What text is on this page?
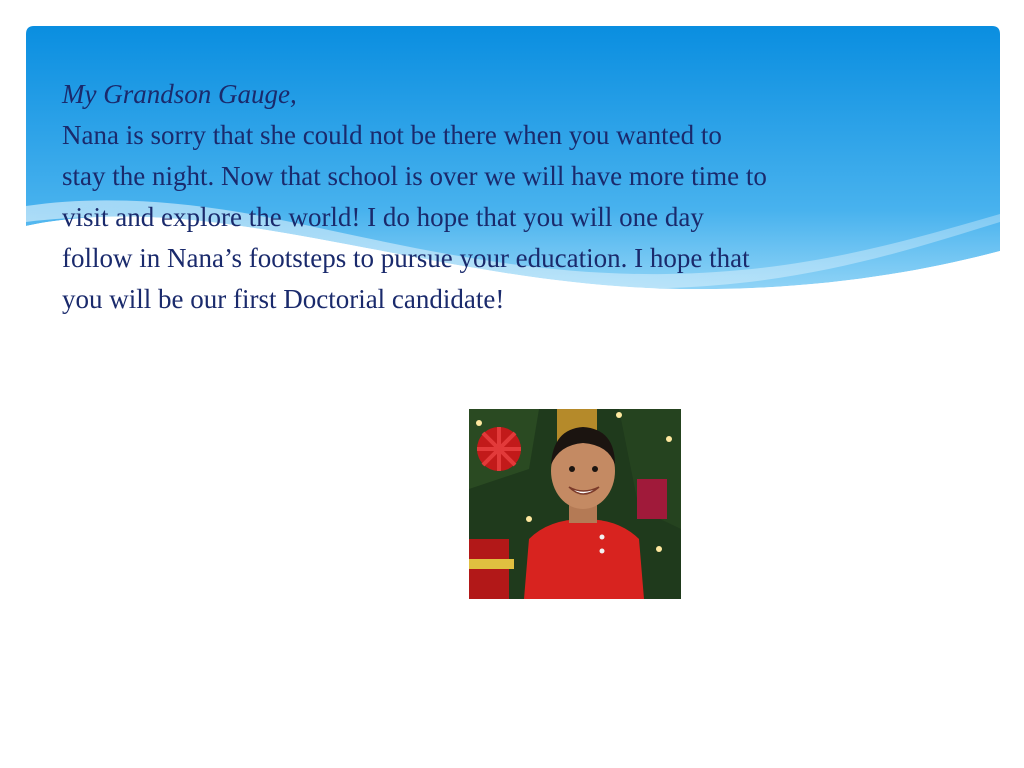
My Grandson Gauge,
Nana is sorry that she could not be there when you wanted to
stay the night. Now that school is over we will have more time to
visit and explore the world! I do hope that you will one day
follow in Nana’s footsteps to pursue your education. I hope that
you will be our first Doctorial candidate!
